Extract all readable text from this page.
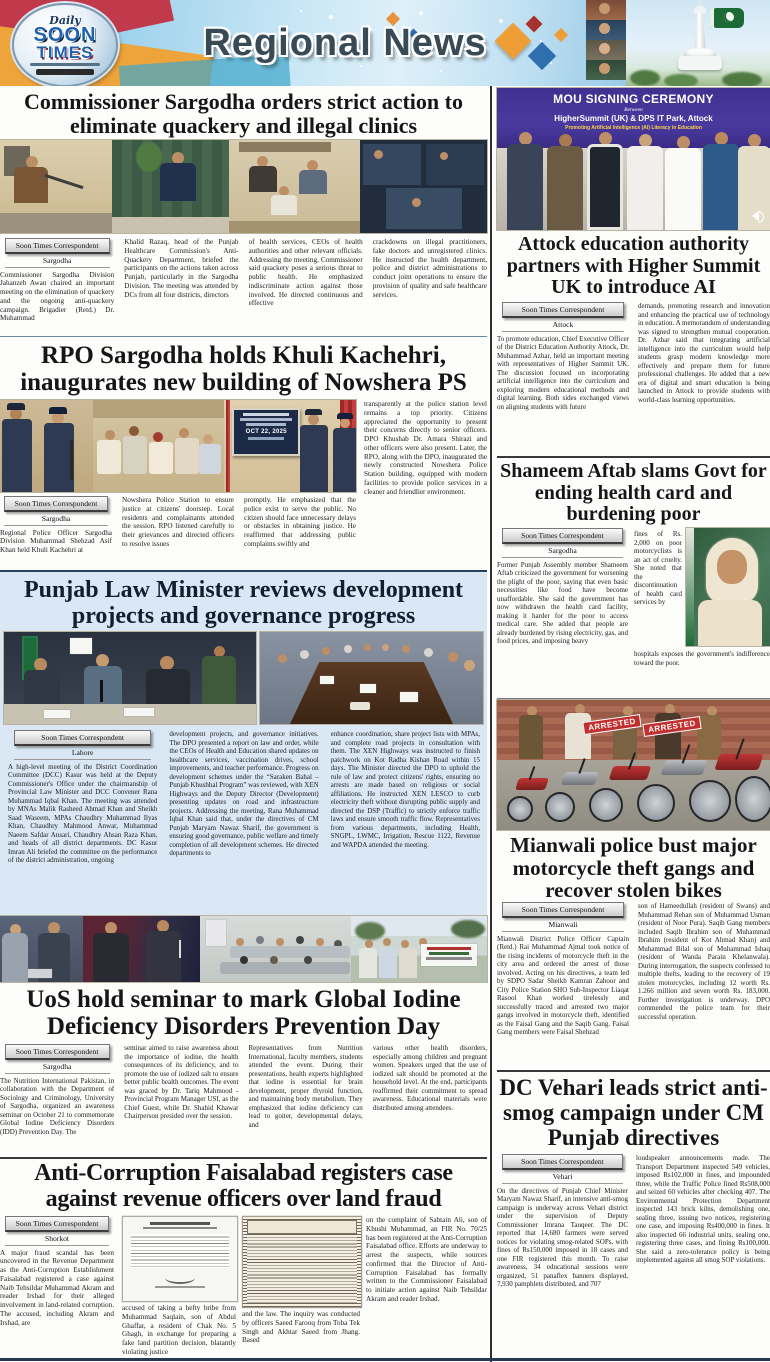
Daily
SOON
TIMES	Regional News
Commissioner Sargodha orders strict action to eliminate quackery and illegal clinics
Soon Times Correspondent
Sargodha
Commissioner Sargodha Division Jahanzeb Awan chaired an important meeting on the elimination of quackery and the ongoing anti-quackery campaign. Brigadier (Retd.) Dr. Muhammad
Khalid Razaq, head of the Punjab Healthcare Commission's Anti-Quackery Department, briefed the participants on the actions taken across Punjab, particularly in the Sargodha Division. The meeting was attended by DCs from all four districts, directors
of health services, CEOs of health authorities and other relevant officials. Addressing the meeting, Commissioner said quackery poses a serious threat to public health. He emphasized indiscriminate action against those involved. He directed continuous and effective
crackdowns on illegal practitioners, fake doctors and unregistered clinics. He instructed the health department, police and district administrations to conduct joint operations to ensure the provision of quality and safe healthcare services.
RPO Sargodha holds Khuli Kachehri, inaugurates new building of Nowshera PS
OCT 22, 2025
transparently at the police station level remains a top priority. Citizens appreciated the opportunity to present their concerns directly to senior officers. DPO Khushab Dr. Amara Shirazi and other officers were also present. Later, the RPO, along with the DPO, inaugurated the newly constructed Nowshera Police Station building, equipped with modern facilities to provide police services in a cleaner and friendlier environment.
Soon Times Correspondent
Sargodha
Regional Police Officer Sargodha Division Muhammad Shehzad Asif Khan held Khuli Kachehri at
Nowshera Police Station to ensure justice at citizens' doorstep. Local residents and complainants attended the session. RPO listened carefully to their grievances and directed officers to resolve issues
promptly. He emphasized that the police exist to serve the public. No citizen should face unnecessary delays or obstacles in obtaining justice. He reaffirmed that addressing public complaints swiftly and
Punjab Law Minister reviews development projects and governance progress
Soon Times Correspondent
Lahore
A high-level meeting of the District Coordination Committee (DCC) Kasur was held at the Deputy Commissioner's Office under the chairmanship of Provincial Law Minister and DCC Convener Rana Muhammad Iqbal Khan. The meeting was attended by MNAs Malik Rasheed Ahmad Khan and Sheikh Saad Waseem, MPAs Chaudhry Muhammad Ilyas Khan, Chaudhry Mahmood Anwar, Muhammad Naeem Safdar Ansari, Chaudhry Ahsan Raza Khan, and heads of all district departments. DC Kasur Imran Ali briefed the committee on the performance of the district administration, ongoing
development projects, and governance initiatives. The DPO presented a report on law and order, while the CEOs of Health and Education shared updates on healthcare services, vaccination drives, school improvements, and teacher performance. Progress on development schemes under the “Saraken Bahal – Punjab Khushhal Program” was reviewed, with XEN Highways and the Deputy Director (Development) presenting updates on road and infrastructure projects. Addressing the meeting, Rana Muhammad Iqbal Khan said that, under the directives of CM Punjab Maryam Nawaz Sharif, the government is ensuring good governance, public welfare and timely completion of all development schemes. He directed departments to
enhance coordination, share project lists with MPAs, and complete road projects in consultation with them. The XEN Highways was instructed to finish patchwork on Kot Radha Kishan Road within 15 days. The Minister directed the DPO to uphold the rule of law and protect citizens' rights, ensuring no arrests are made based on religious or social affiliations. He instructed XEN LESCO to curb electricity theft without disrupting public supply and directed the DSP (Traffic) to strictly enforce traffic laws and ensure smooth traffic flow. Representatives from various departments, including Health, SNGPL, LWMC, Irrigation, Rescue 1122, Revenue and WAPDA attended the meeting.
UoS hold seminar to mark Global Iodine Deficiency Disorders Prevention Day
Soon Times Correspondent
Sargodha
The Nutrition International Pakistan, in collaboration with the Department of Sociology and Criminology, University of Sargodha, organized an awareness seminar on October 21 to commemorate Global Iodine Deficiency Disorders (IDD) Prevention Day. The
seminar aimed to raise awareness about the importance of iodine, the health consequences of its deficiency, and to promote the use of iodized salt to ensure better public health outcomes. The event was graced by Dr. Tariq Mahmood -Provincial Program Manager USI, as the Chief Guest, while Dr. Shahid Khawar Chairperson presided over the session.
Representatives from Nutrition International, faculty members, students attended the event. During their presentations, health experts highlighted that iodine is essential for brain development, proper thyroid function, and maintaining body metabolism. They emphasized that iodine deficiency can lead to goiter, developmental delays, and
various other health disorders, especially among children and pregnant women. Speakers urged that the use of iodized salt should be promoted at the household level. At the end, participants reaffirmed their commitment to spread awareness. Educational materials were distributed among attendees.
Anti-Corruption Faisalabad registers case against revenue officers over land fraud
Soon Times Correspondent
Shorkot
A major fraud scandal has been uncovered in the Revenue Department as the Anti-Corruption Establishment Faisalabad registered a case against Naib Tehsildar Muhammad Akram and reader Irshad for their alleged involvement in land-related corruption. The accused, including Akram and Irshad, are
accused of taking a hefty bribe from Muhammad Saqlain, son of Abdul Ghaffar, a resident of Chak No. 5 Ghagh, in exchange for preparing a fake land partition decision, blatantly violating justice
and the law. The inquiry was conducted by officers Saeed Farooq from Toba Tek Singh and Akhtar Saeed from Jhang. Based
on the complaint of Sabtain Ali, son of Khushi Muhammad, an FIR No. 70/25 has been registered at the Anti-Corruption Faisalabad office. Efforts are underway to arrest the suspects, while sources confirmed that the Director of Anti-Corruption Faisalabad has formally written to the Commissioner Faisalabad to initiate action against Naib Tehsildar Akram and reader Irshad.
MOU SIGNING CEREMONY
Between
HigherSummit (UK) & DPS IT Park, Attock
Promoting Artificial Intelligence (AI) Literacy in Education
Attock education authority partners with Higher Summit UK to introduce AI
Soon Times Correspondent
Attock
To promote education, Chief Executive Officer of the District Education Authority Attock, Dr. Muhammad Azhar, held an important meeting with representatives of Higher Summit UK. The discussion focused on incorporating artificial intelligence into the curriculum and exploring modern educational methods and digital learning. Both sides exchanged views on aligning students with future
demands, promoting research and innovation and enhancing the practical use of technology in education. A memorandum of understanding was signed to strengthen mutual cooperation. Dr. Azhar said that integrating artificial intelligence into the curriculum would help students grasp modern knowledge more effectively and prepare them for future professional challenges. He added that a new era of digital and smart education is being launched in Attock to provide students with world-class learning opportunities.
Shameem Aftab slams Govt for ending health card and burdening poor
Soon Times Correspondent
Sargodha
Former Punjab Assembly member Shameem Aftab criticized the government for worsening the plight of the poor, saying that even basic necessities like food have become unaffordable. She said the government has now withdrawn the health card facility, making it harder for the poor to access medical care. She added that people are already burdened by rising electricity, gas, and food prices, and imposing heavy
fines of Rs. 2,000 on poor motorcyclists is an act of cruelty. She noted that the discontinuation of health card services by
hospitals exposes the government's indifference toward the poor.
ARRESTED	ARRESTED
Mianwali police bust major motorcycle theft gangs and recover stolen bikes
Soon Times Correspondent
Mianwali
Mianwali District Police Officer Captain (Retd.) Rai Muhammad Ajmal took notice of the rising incidents of motorcycle theft in the city area and ordered the arrest of those involved. Acting on his directives, a team led by SDPO Sadar Sheikh Kamran Zahoor and City Police Station SHO Sub-Inspector Liaqat Rasool Khan worked tirelessly and successfully traced and arrested two major gangs involved in motorcycle theft, identified as the Faisal Gang and the Saqib Gang. Faisal Gang members were Faisal Shehzad
son of Hameedullah (resident of Swans) and Muhammad Rehan son of Muhammad Usman (resident of Noor Pura). Saqib Gang members included Saqib Ibrahim son of Muhammad Ibrahim (resident of Kot Ahmad Khan) and Muhammad Bilal son of Muhammad Ishaq (resident of Wanda Parain Khelanwala). During interrogation, the suspects confessed to multiple thefts, leading to the recovery of 19 stolen motorcycles, including 12 worth Rs. 1.266 million and seven worth Rs. 183,000. Further investigation is underway. DPO commended the police team for their successful operation.
DC Vehari leads strict anti-smog campaign under CM Punjab directives
Soon Times Correspondent
Vehari
On the directives of Punjab Chief Minister Maryam Nawaz Sharif, an intensive anti-smog campaign is underway across Vehari district under the supervision of Deputy Commissioner Imrana Tauqeer. The DC reported that 14,680 farmers were served notices for violating smog-related SOPs, with fines of Rs150,000 imposed in 18 cases and one FIR registered this month. To raise awareness, 34 educational sessions were organized, 51 panaflex banners displayed, 7,930 pamphlets distributed, and 707
loudspeaker announcements made. The Transport Department inspected 549 vehicles, imposed Rs102,000 in fines, and impounded three, while the Traffic Police fined Rs508,000 and seized 60 vehicles after checking 407. The Environmental Protection Department inspected 143 brick kilns, demolishing one, sealing three, issuing two notices, registering one case, and imposing Rs400,000 in fines. It also inspected 66 industrial units, sealing one, registering three cases, and fining Rs100,000. She said a zero-tolerance policy is being implemented against all smog SOP violations.
